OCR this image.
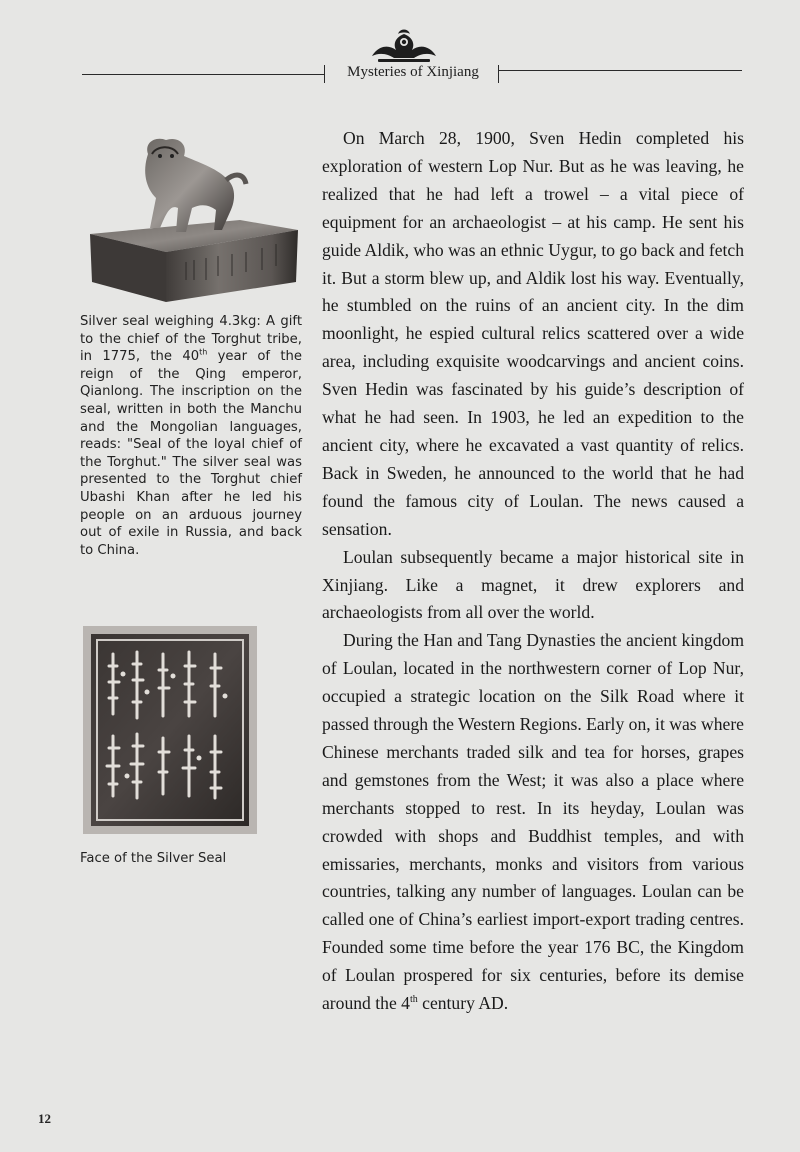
Mysteries of Xinjiang
Silver seal weighing 4.3kg: A gift to the chief of the Torghut tribe, in 1775, the 40th year of the reign of the Qing emperor, Qianlong. The inscription on the seal, written in both the Manchu and the Mongolian languages, reads: "Seal of the loyal chief of the Torghut." The silver seal was presented to the Torghut chief Ubashi Khan after he led his people on an arduous journey out of exile in Russia, and back to China.
Face of the Silver Seal

On March 28, 1900, Sven Hedin completed his exploration of western Lop Nur. But as he was leaving, he realized that he had left a trowel – a vital piece of equipment for an archaeologist – at his camp. He sent his guide Aldik, who was an ethnic Uygur, to go back and fetch it. But a storm blew up, and Aldik lost his way. Eventually, he stumbled on the ruins of an ancient city. In the dim moonlight, he espied cultural relics scattered over a wide area, including exquisite woodcarvings and ancient coins. Sven Hedin was fascinated by his guide’s description of what he had seen. In 1903, he led an expedition to the ancient city, where he excavated a vast quantity of relics. Back in Sweden, he announced to the world that he had found the famous city of Loulan. The news caused a sensation.

Loulan subsequently became a major historical site in Xinjiang. Like a magnet, it drew explorers and archaeologists from all over the world.

During the Han and Tang Dynasties the ancient kingdom of Loulan, located in the northwestern corner of Lop Nur, occupied a strategic location on the Silk Road where it passed through the Western Regions. Early on, it was where Chinese merchants traded silk and tea for horses, grapes and gemstones from the West; it was also a place where merchants stopped to rest. In its heyday, Loulan was crowded with shops and Buddhist temples, and with emissaries, merchants, monks and visitors from various countries, talking any number of languages. Loulan can be called one of China’s earliest import-export trading centres. Founded some time before the year 176 BC, the Kingdom of Loulan prospered for six centuries, before its demise around the 4th century AD.

12
